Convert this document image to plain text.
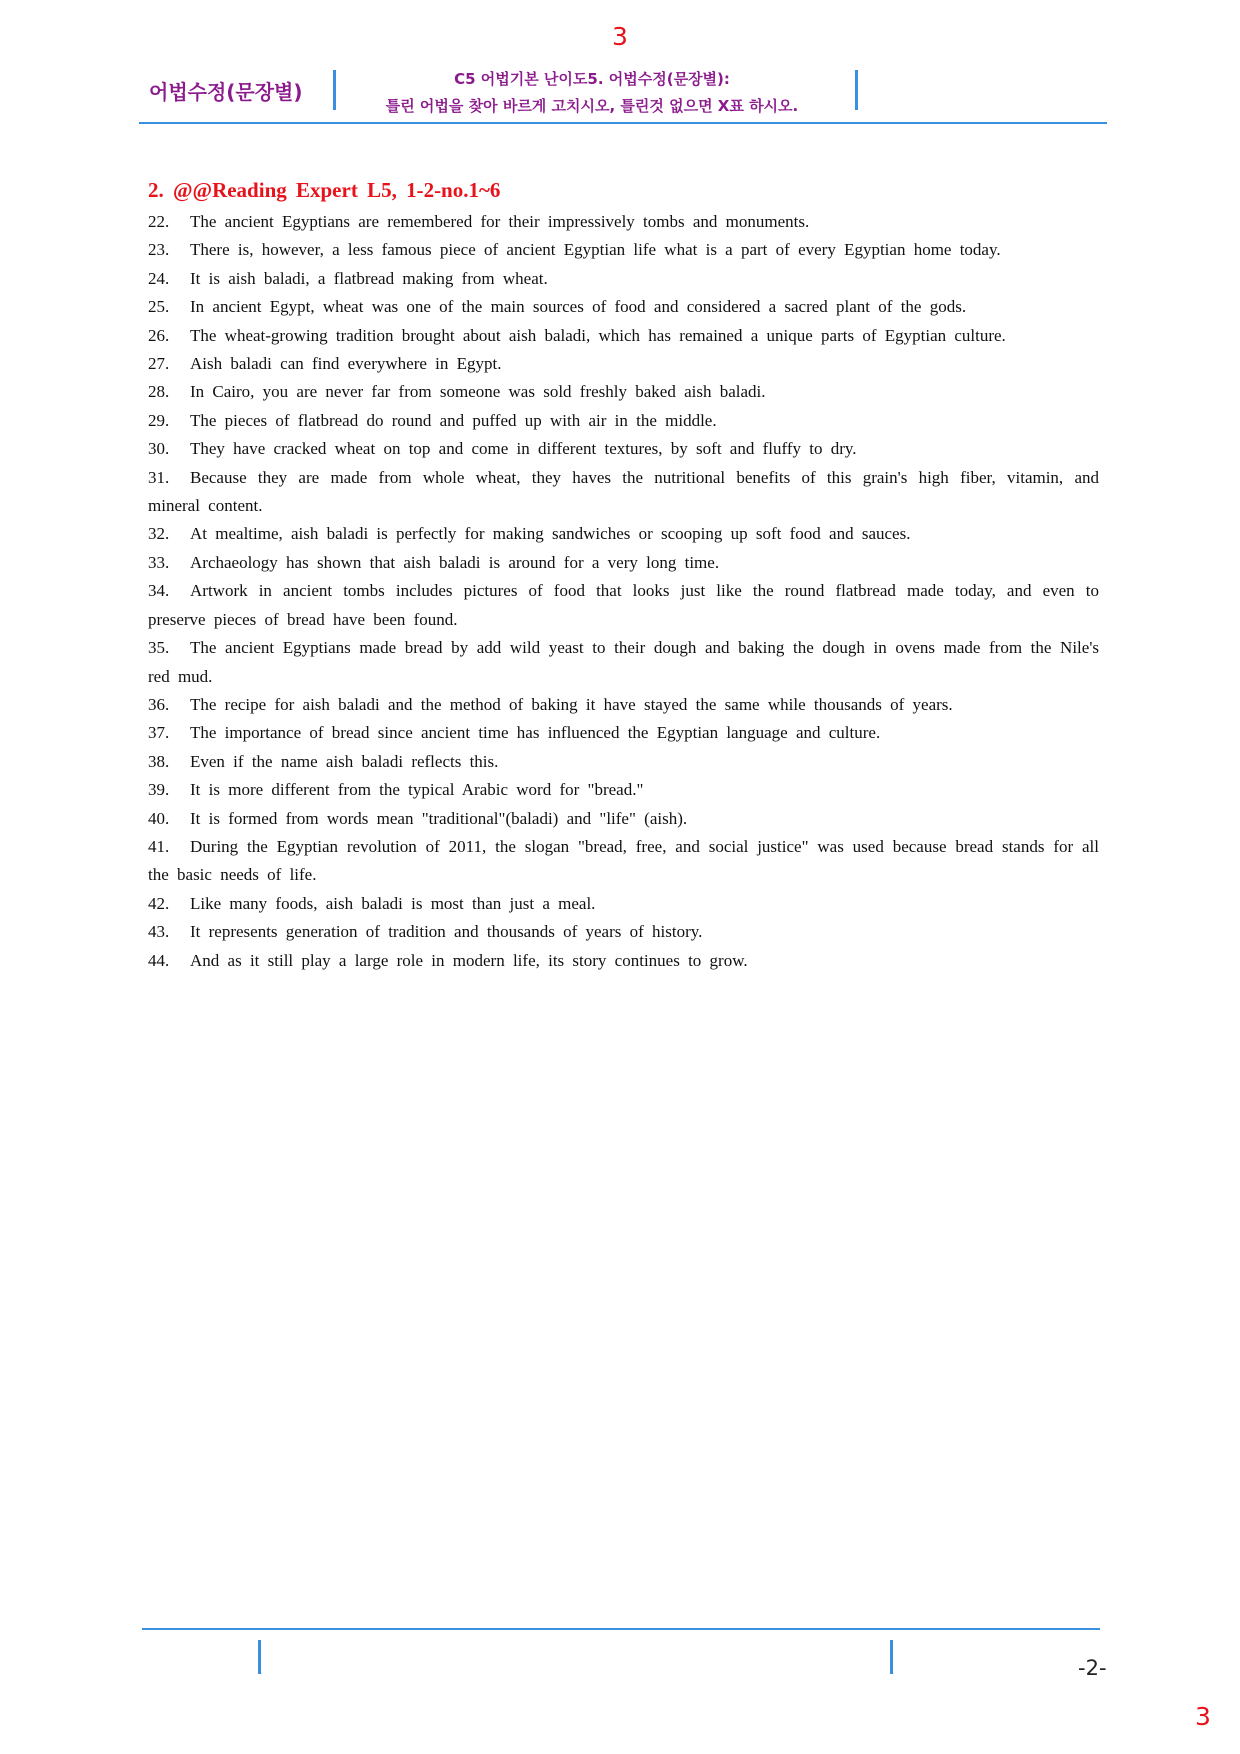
3
어법수정(문장별)
C5 어법기본 난이도5. 어법수정(문장별):
틀린 어법을 찾아 바르게 고치시오, 틀린것 없으면 X표 하시오.
2. @@Reading Expert L5, 1-2-no.1~6

22. The ancient Egyptians are remembered for their impressively tombs and monuments.

23. There is, however, a less famous piece of ancient Egyptian life what is a part of every Egyptian home today.

24. It is aish baladi, a flatbread making from wheat.

25. In ancient Egypt, wheat was one of the main sources of food and considered a sacred plant of the gods.

26. The wheat-growing tradition brought about aish baladi, which has remained a unique parts of Egyptian culture.

27. Aish baladi can find everywhere in Egypt.

28. In Cairo, you are never far from someone was sold freshly baked aish baladi.

29. The pieces of flatbread do round and puffed up with air in the middle.

30. They have cracked wheat on top and come in different textures, by soft and fluffy to dry.

31. Because they are made from whole wheat, they haves the nutritional benefits of this grain's high fiber, vitamin, and mineral content.

32. At mealtime, aish baladi is perfectly for making sandwiches or scooping up soft food and sauces.

33. Archaeology has shown that aish baladi is around for a very long time.

34. Artwork in ancient tombs includes pictures of food that looks just like the round flatbread made today, and even to preserve pieces of bread have been found.

35. The ancient Egyptians made bread by add wild yeast to their dough and baking the dough in ovens made from the Nile's red mud.

36. The recipe for aish baladi and the method of baking it have stayed the same while thousands of years.

37. The importance of bread since ancient time has influenced the Egyptian language and culture.

38. Even if the name aish baladi reflects this.

39. It is more different from the typical Arabic word for "bread."

40. It is formed from words mean "traditional"(baladi) and "life" (aish).

41. During the Egyptian revolution of 2011, the slogan "bread, free, and social justice" was used because bread stands for all the basic needs of life.

42. Like many foods, aish baladi is most than just a meal.

43. It represents generation of tradition and thousands of years of history.

44. And as it still play a large role in modern life, its story continues to grow.

-2-
3
